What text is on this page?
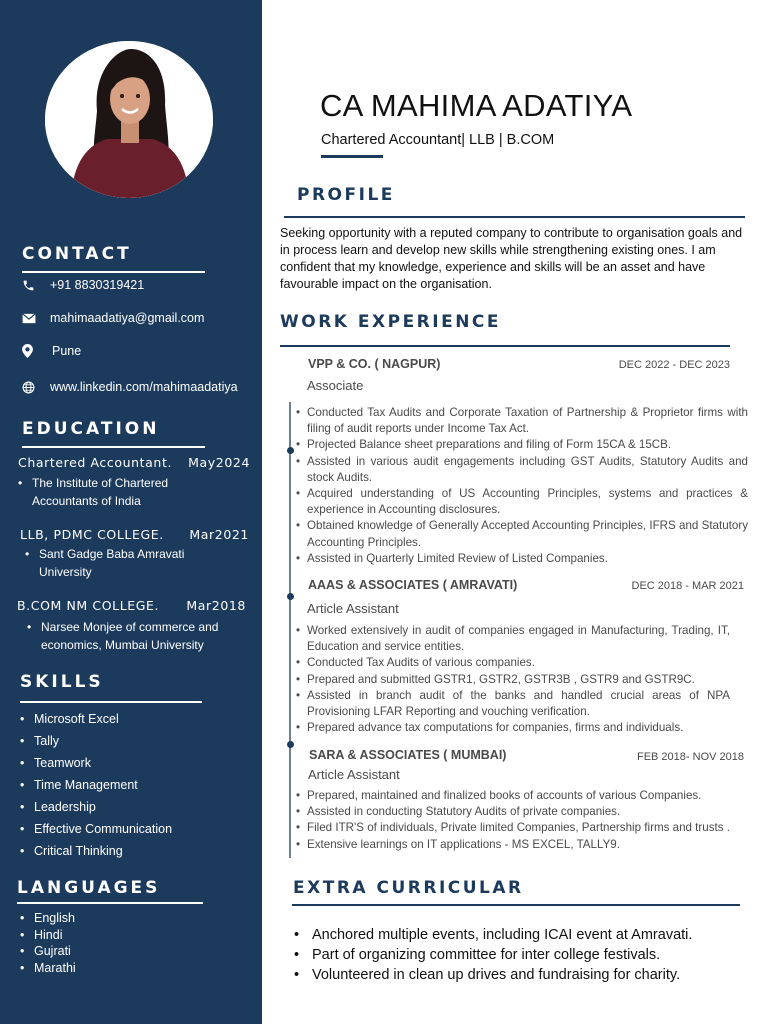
CONTACT
+91 8830319421
mahimaadatiya@gmail.com
Pune
www.linkedin.com/mahimaadatiya
EDUCATION
Chartered Accountant. May2024
• The Institute of Chartered Accountants of India
LLB, PDMC COLLEGE. Mar2021
• Sant Gadge Baba Amravati University
B.COM NM COLLEGE. Mar2018
• Narsee Monjee of commerce and economics, Mumbai University
SKILLS
• Microsoft Excel
• Tally
• Teamwork
• Time Management
• Leadership
• Effective Communication
• Critical Thinking
LANGUAGES
• English
• Hindi
• Gujrati
• Marathi
CA MAHIMA ADATIYA
Chartered Accountant| LLB | B.COM
PROFILE
Seeking opportunity with a reputed company to contribute to organisation goals and in process learn and develop new skills while strengthening existing ones. I am confident that my knowledge, experience and skills will be an asset and have favourable impact on the organisation.
WORK EXPERIENCE
VPP & CO. ( NAGPUR)	DEC 2022 - DEC 2023
Associate
• Conducted Tax Audits and Corporate Taxation of Partnership & Proprietor firms with filing of audit reports under Income Tax Act.
• Projected Balance sheet preparations and filing of Form 15CA & 15CB.
• Assisted in various audit engagements including GST Audits, Statutory Audits and stock Audits.
• Acquired understanding of US Accounting Principles, systems and practices & experience in Accounting disclosures.
• Obtained knowledge of Generally Accepted Accounting Principles, IFRS and Statutory Accounting Principles.
• Assisted in Quarterly Limited Review of Listed Companies.
AAAS & ASSOCIATES ( AMRAVATI)	DEC 2018 - MAR 2021
Article Assistant
• Worked extensively in audit of companies engaged in Manufacturing, Trading, IT, Education and service entities.
• Conducted Tax Audits of various companies.
• Prepared and submitted GSTR1, GSTR2, GSTR3B , GSTR9 and GSTR9C.
• Assisted in branch audit of the banks and handled crucial areas of NPA Provisioning LFAR Reporting and vouching verification.
• Prepared advance tax computations for companies, firms and individuals.
SARA & ASSOCIATES ( MUMBAI)	FEB 2018- NOV 2018
Article Assistant
• Prepared, maintained and finalized books of accounts of various Companies.
• Assisted in conducting Statutory Audits of private companies.
• Filed ITR'S of individuals, Private limited Companies, Partnership firms and trusts .
• Extensive learnings on IT applications - MS EXCEL, TALLY9.
EXTRA CURRICULAR
• Anchored multiple events, including ICAI event at Amravati.
• Part of organizing committee for inter college festivals.
• Volunteered in clean up drives and fundraising for charity.
